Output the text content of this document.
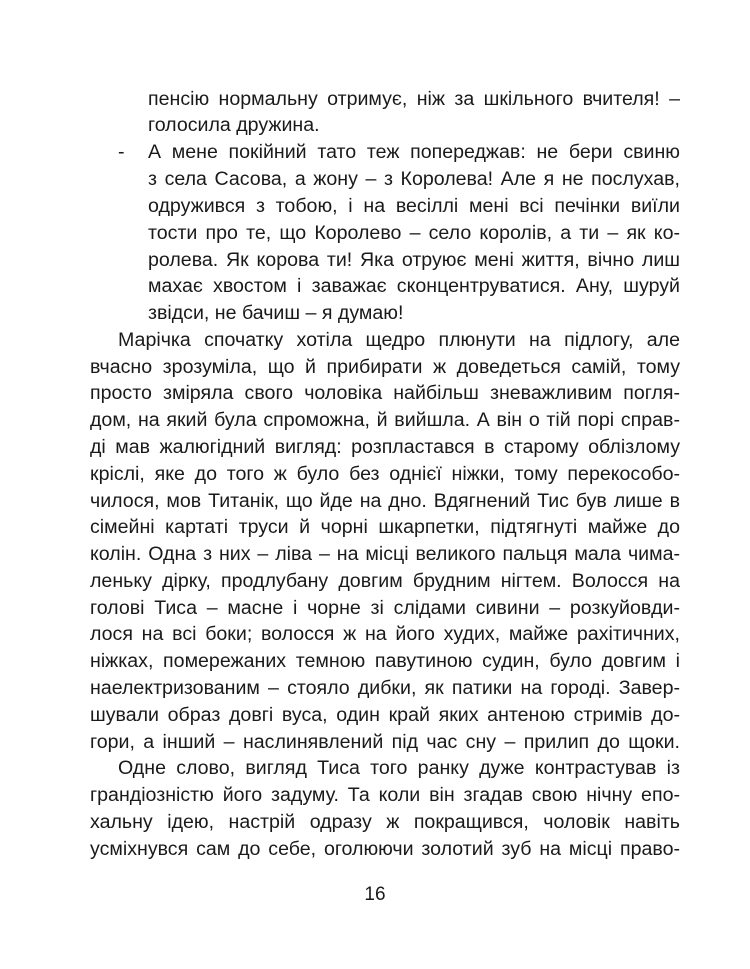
пенсію нормальну отримує, ніж за шкільного вчителя! –
голосила дружина.
- А мене покійний тато теж попереджав: не бери свиню
з села Сасова, а жону – з Королева! Але я не послухав,
одружився з тобою, і на весіллі мені всі печінки виїли
тости про те, що Королево – село королів, а ти – як ко-
ролева. Як корова ти! Яка отруює мені життя, вічно лиш
махає хвостом і заважає сконцентруватися. Ану, шуруй
звідси, не бачиш – я думаю!
Марічка спочатку хотіла щедро плюнути на підлогу, але
вчасно зрозуміла, що й прибирати ж доведеться самій, тому
просто зміряла свого чоловіка найбільш зневажливим погля-
дом, на який була спроможна, й вийшла. А він о тій порі справ-
ді мав жалюгідний вигляд: розпластався в старому облізлому
кріслі, яке до того ж було без однієї ніжки, тому перекособо-
чилося, мов Титанік, що йде на дно. Вдягнений Тис був лише в
сімейні картаті труси й чорні шкарпетки, підтягнуті майже до
колін. Одна з них – ліва – на місці великого пальця мала чима-
леньку дірку, продлубану довгим брудним нігтем. Волосся на
голові Тиса – масне і чорне зі слідами сивини – розкуйовди-
лося на всі боки; волосся ж на його худих, майже рахітичних,
ніжках, помережаних темною павутиною судин, було довгим і
наелектризованим – стояло дибки, як патики на городі. Завер-
шували образ довгі вуса, один край яких антеною стримів до-
гори, а інший – наслинявлений під час сну – прилип до щоки.
Одне слово, вигляд Тиса того ранку дуже контрастував із
грандіозністю його задуму. Та коли він згадав свою нічну епо-
хальну ідею, настрій одразу ж покращився, чоловік навіть
усміхнувся сам до себе, оголюючи золотий зуб на місці право-
16
